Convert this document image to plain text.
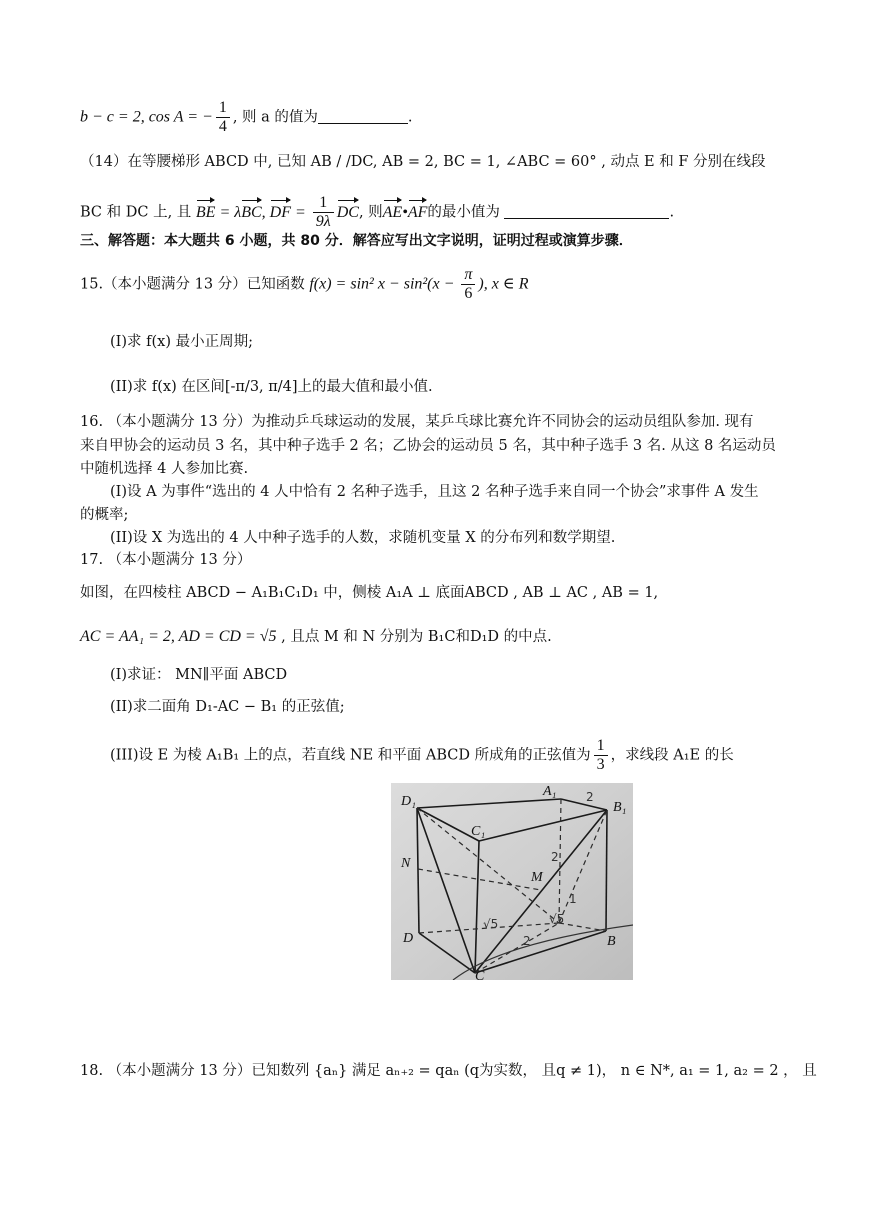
b − c = 2, cos A = − $\frac{1}{4}$ , 则 a 的值为	.
（14）在等腰梯形 ABCD 中, 已知 AB / /DC, AB = 2, BC = 1, ∠ABC = 60° , 动点 E 和 F 分别在线段
BC 和 DC 上, 且 BE = λBC, DF = $\frac{1}{9\lambda}$ DC, 则AE•AF的最小值为	.
三、解答题：本大题共 6 小题，共 80 分．解答应写出文字说明，证明过程或演算步骤．
15.（本小题满分 13 分）已知函数 f(x) = sin² $x - \sin^2(x - \frac{\pi}{6}$ ), x ∈ R
(I)求 f(x) 最小正周期;
(II)求 f(x) 在区间[-π/3, π/4]上的最大值和最小值.
16. （本小题满分 13 分）为推动乒乓球运动的发展，某乒乓球比赛允许不同协会的运动员组队参加. 现有
来自甲协会的运动员 3 名，其中种子选手 2 名；乙协会的运动员 5 名，其中种子选手 3 名. 从这 8 名运动员
中随机选择 4 人参加比赛.
(I)设 A 为事件“选出的 4 人中恰有 2 名种子选手，且这 2 名种子选手来自同一个协会”求事件 A 发生
的概率;
(II)设 X 为选出的 4 人中种子选手的人数，求随机变量 X 的分布列和数学期望.
17. （本小题满分 13 分）
如图，在四棱柱 ABCD − A₁B₁C₁D₁ 中，侧棱 A₁A ⊥ 底面ABCD , AB ⊥ AC , AB = 1,
AC = AA₁ = 2, AD = CD = √5 , 且点 M 和 N 分别为 B₁C和D₁D 的中点.
(I)求证： MN∥平面 ABCD
(II)求二面角 D₁-AC − B₁ 的正弦值;
(III)设 E 为棱 A₁B₁ 上的点，若直线 NE 和平面 ABCD 所成角的正弦值为 $\frac{1}{3}$ ，求线段 A₁E 的长
D₁
A₁
B₁
C₁
N
M
D
C
B
2
2
1
√5	√5
2
18. （本小题满分 13 分）已知数列 {aₙ} 满足 aₙ₊₂ = qaₙ (q为实数， 且q ≠ 1)， n ∈ N*, a₁ = 1, a₂ = 2 ， 且
